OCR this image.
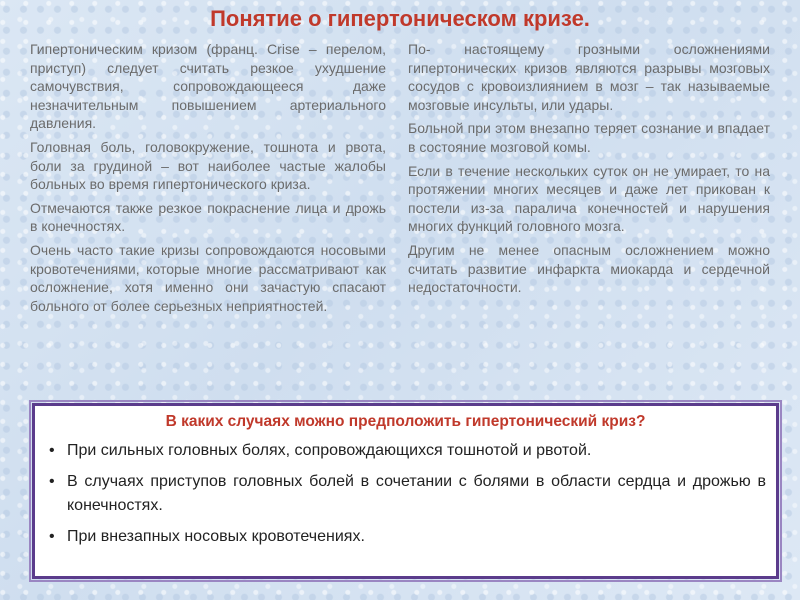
Понятие о гипертоническом кризе.

Гипертоническим кризом (франц. Crise – перелом, приступ) следует считать резкое ухудшение самочувствия, сопровождающееся даже незначительным повышением артериального давления.

Головная боль, головокружение, тошнота и рвота, боли за грудиной – вот наиболее частые жалобы больных во время гипертонического криза.

Отмечаются также резкое покраснение лица и дрожь в конечностях.

Очень часто такие кризы сопровождаются носовыми кровотечениями, которые многие рассматривают как осложнение, хотя именно они зачастую спасают больного от более серьезных неприятностей.

По- настоящему грозными осложнениями гипертонических кризов являются разрывы мозговых сосудов с кровоизлиянием в мозг – так называемые мозговые инсульты, или удары.

Больной при этом внезапно теряет сознание и впадает в состояние мозговой комы.

Если в течение нескольких суток он не умирает, то на протяжении многих месяцев и даже лет прикован к постели из-за паралича конечностей и нарушения многих функций головного мозга.

Другим не менее опасным осложнением можно считать развитие инфаркта миокарда и сердечной недостаточности.

В каких случаях можно предположить гипертонический криз?
• При сильных головных болях, сопровождающихся тошнотой и рвотой.
• В случаях приступов головных болей в сочетании с болями в области сердца и дрожью в конечностях.
• При внезапных носовых кровотечениях.
